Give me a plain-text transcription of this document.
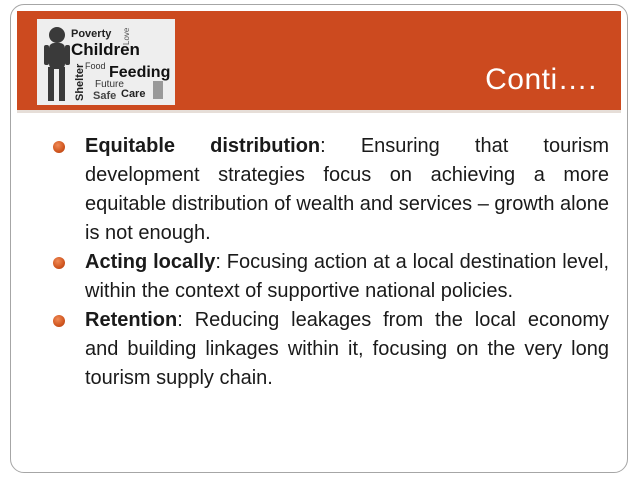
Poverty Love
Children
Food Feeding
Shelter Future
Safe Care	Conti….
Equitable distribution: Ensuring that tourism development strategies focus on achieving a more equitable distribution of wealth and services – growth alone is not enough.
Acting locally: Focusing action at a local destination level, within the context of supportive national policies.
Retention: Reducing leakages from the local economy and building linkages within it, focusing on the very long tourism supply chain.
